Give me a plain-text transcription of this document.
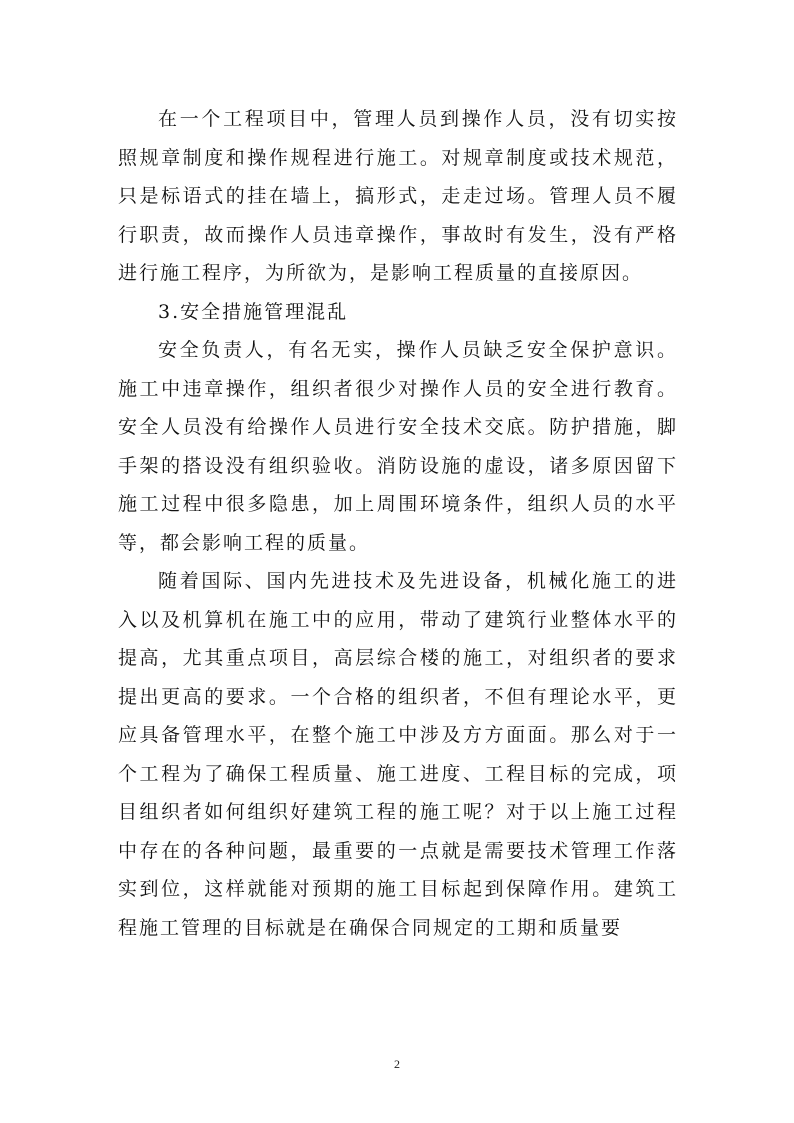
在一个工程项目中，管理人员到操作人员，没有切实按照规章制度和操作规程进行施工。对规章制度或技术规范，只是标语式的挂在墙上，搞形式，走走过场。管理人员不履行职责，故而操作人员违章操作，事故时有发生，没有严格进行施工程序，为所欲为，是影响工程质量的直接原因。

3.安全措施管理混乱

安全负责人，有名无实，操作人员缺乏安全保护意识。施工中违章操作，组织者很少对操作人员的安全进行教育。安全人员没有给操作人员进行安全技术交底。防护措施，脚手架的搭设没有组织验收。消防设施的虚设，诸多原因留下施工过程中很多隐患，加上周围环境条件，组织人员的水平等，都会影响工程的质量。

随着国际、国内先进技术及先进设备，机械化施工的进入以及机算机在施工中的应用，带动了建筑行业整体水平的提高，尤其重点项目，高层综合楼的施工，对组织者的要求提出更高的要求。一个合格的组织者，不但有理论水平，更应具备管理水平，在整个施工中涉及方方面面。那么对于一个工程为了确保工程质量、施工进度、工程目标的完成，项目组织者如何组织好建筑工程的施工呢？对于以上施工过程中存在的各种问题，最重要的一点就是需要技术管理工作落实到位，这样就能对预期的施工目标起到保障作用。建筑工程施工管理的目标就是在确保合同规定的工期和质量要

2
